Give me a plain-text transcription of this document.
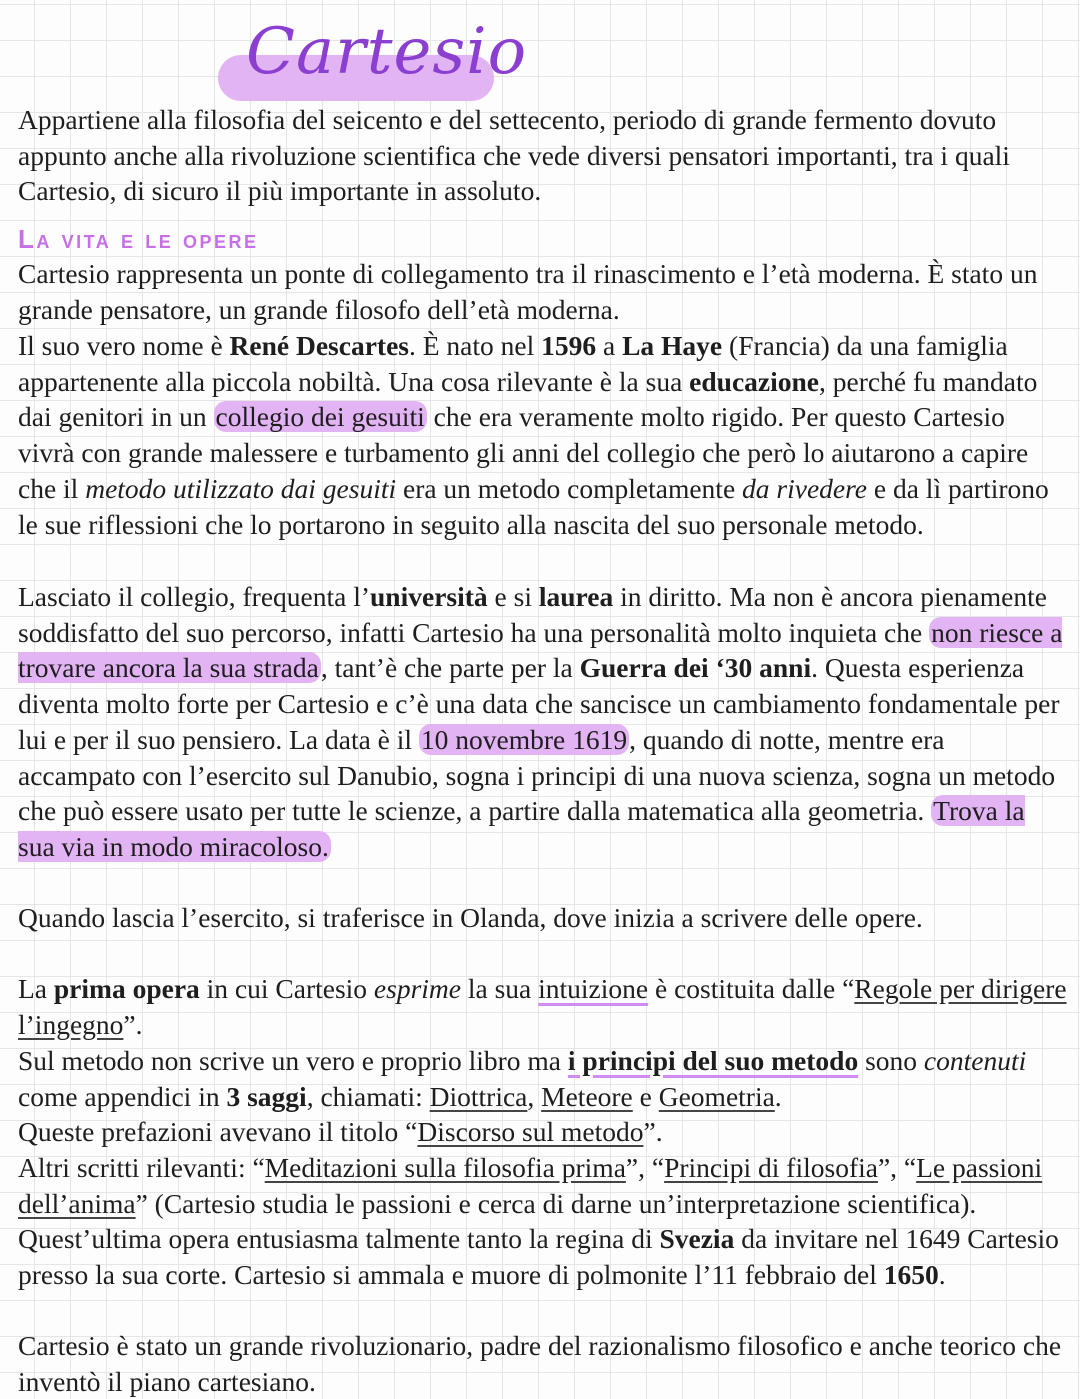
Cartesio

Appartiene alla filosofia del seicento e del settecento, periodo di grande fermento dovuto appunto anche alla rivoluzione scientifica che vede diversi pensatori importanti, tra i quali Cartesio, di sicuro il più importante in assoluto.

La vita e le opere

Cartesio rappresenta un ponte di collegamento tra il rinascimento e l’età moderna. È stato un grande pensatore, un grande filosofo dell’età moderna.

Il suo vero nome è René Descartes. È nato nel 1596 a La Haye (Francia) da una famiglia appartenente alla piccola nobiltà. Una cosa rilevante è la sua educazione, perché fu mandato dai genitori in un collegio dei gesuiti che era veramente molto rigido. Per questo Cartesio vivrà con grande malessere e turbamento gli anni del collegio che però lo aiutarono a capire che il metodo utilizzato dai gesuiti era un metodo completamente da rivedere e da lì partirono le sue riflessioni che lo portarono in seguito alla nascita del suo personale metodo.

Lasciato il collegio, frequenta l’università e si laurea in diritto. Ma non è ancora pienamente soddisfatto del suo percorso, infatti Cartesio ha una personalità molto inquieta che non riesce a trovare ancora la sua strada, tant’è che parte per la Guerra dei ‘30 anni. Questa esperienza diventa molto forte per Cartesio e c’è una data che sancisce un cambiamento fondamentale per lui e per il suo pensiero. La data è il 10 novembre 1619, quando di notte, mentre era accampato con l’esercito sul Danubio, sogna i principi di una nuova scienza, sogna un metodo che può essere usato per tutte le scienze, a partire dalla matematica alla geometria. Trova la sua via in modo miracoloso.

Quando lascia l’esercito, si traferisce in Olanda, dove inizia a scrivere delle opere.

La prima opera in cui Cartesio esprime la sua intuizione è costituita dalle “Regole per dirigere l’ingegno”.

Sul metodo non scrive un vero e proprio libro ma i principi del suo metodo sono contenuti come appendici in 3 saggi, chiamati: Diottrica, Meteore e Geometria.

Queste prefazioni avevano il titolo “Discorso sul metodo”.

Altri scritti rilevanti: “Meditazioni sulla filosofia prima”, “Principi di filosofia”, “Le passioni dell’anima” (Cartesio studia le passioni e cerca di darne un’interpretazione scientifica). Quest’ultima opera entusiasma talmente tanto la regina di Svezia da invitare nel 1649 Cartesio presso la sua corte. Cartesio si ammala e muore di polmonite l’11 febbraio del 1650.

Cartesio è stato un grande rivoluzionario, padre del razionalismo filosofico e anche teorico che inventò il piano cartesiano.
